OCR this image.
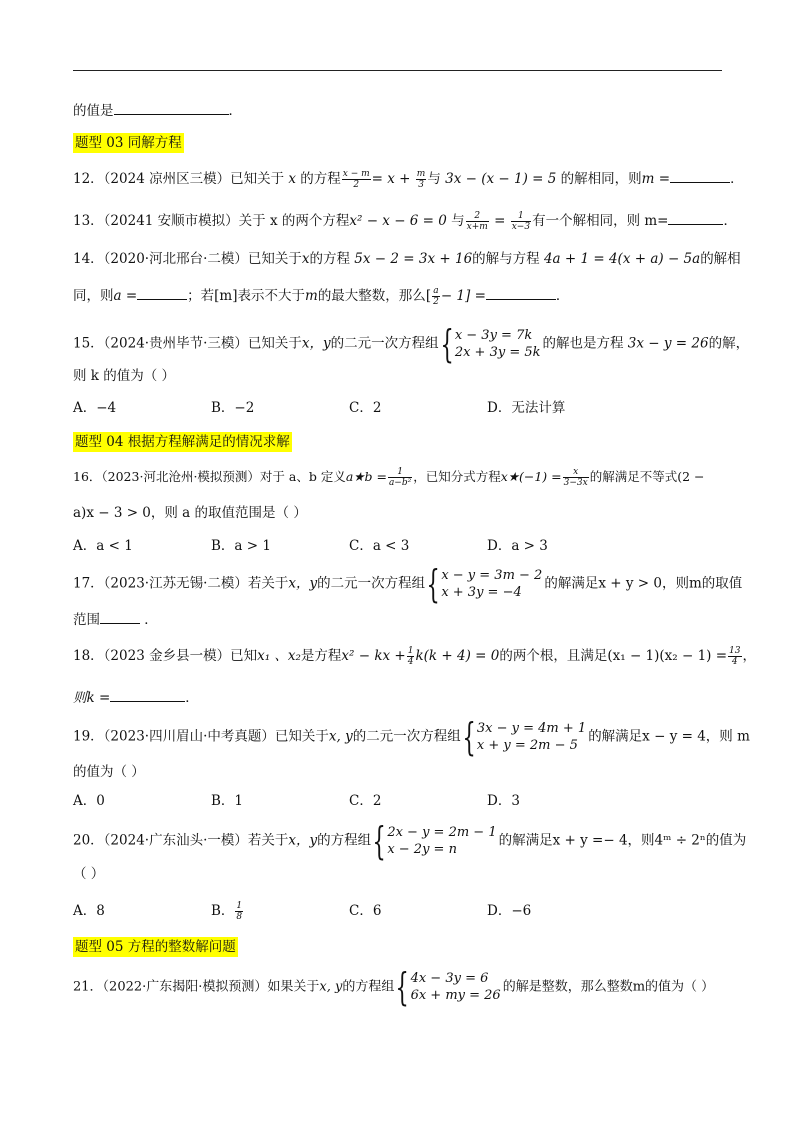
的值是	．
题型 03 同解方程
12．（2024 凉州区三模）已知关于 x 的方程 $\frac{x - m}{2} = x + \frac{m}{3}$ 与 3x − (x − 1) = 5 的解相同，则m =	．
13．（20241 安顺市模拟）关于 x 的两个方程x² − x − 6 = 0 与 $\frac{2}{x+m} = \frac{1}{x-3}$ 有一个解相同，则 m=	．
14．（2020·河北邢台·二模）已知关于x的方程 5x − 2 = 3x + 16的解与方程 4a + 1 = 4(x + a) − 5a的解相
同，则a =	；若[m]表示不大于m的最大整数，那么[ $\frac{a}{2} - 1$] =	．
15．（2024·贵州毕节·三模）已知关于x，y的二元一次方程组 { x − 3y = 7k
2x + 3y = 5k
的解也是方程 3x − y = 26的解，
则 k 的值为（ ）
A．−4	B．−2	C．2	D．无法计算
题型 04 根据方程解满足的情况求解
16．（2023·河北沧州·模拟预测）对于 a、b 定义a★b = $\frac{1}{\text{a−b²}}$ ，已知分式方程x★(−1) = $\frac{x}{3-3x}$ 的解满足不等式(2 −
a)x − 3 > 0，则 a 的取值范围是（ ）
A．a < 1	B．a > 1	C．a < 3	D．a > 3
17．（2023·江苏无锡·二模）若关于x，y的二元一次方程组 { x − y = 3m − 2
x + 3y = −4
的解满足x + y > 0，则m的取值
范围	．
18．（2023 金乡县一模）已知x₁ 、x₂是方程x² − kx + $\frac{1}{4} k(k + 4) = 0$的两个根，且满足$(x_1 - 1)(x_2 - 1) = \frac{13}{4}$ ，
则k =	．
19．（2023·四川眉山·中考真题）已知关于x, y的二元一次方程组 { 3x − y = 4m + 1
x + y = 2m − 5
的解满足x − y = 4，则 m
的值为（ ）
A．0	B．1	C．2	D．3
20．（2024·广东汕头·一模）若关于x，y的方程组 { 2x − y = 2m − 1
x − 2y = n
的解满足x + y =− 4，则4ᵐ ÷ 2ⁿ的值为
（ ）
A．8	B． $\frac{1}{8}$	C．6	D．−6
题型 05 方程的整数解问题
21．（2022·广东揭阳·模拟预测）如果关于x, y的方程组 { 4x − 3y = 6
6x + my = 26
的解是整数，那么整数m的值为（ ）
